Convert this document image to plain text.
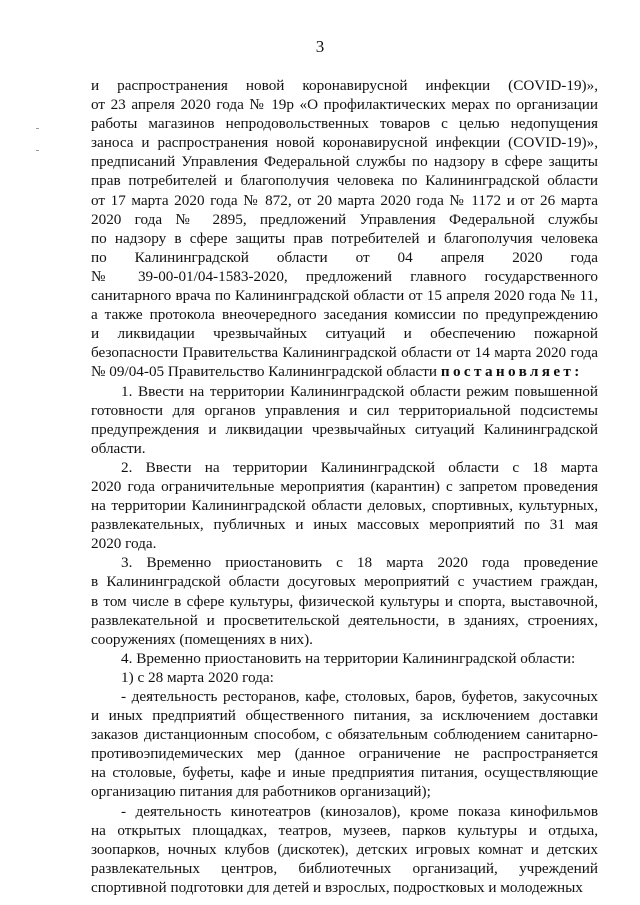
3
и распространения новой коронавирусной инфекции (COVID-19)»,
от 23 апреля 2020 года № 19р «О профилактических мерах по организации
работы магазинов непродовольственных товаров с целью недопущения
заноса и распространения новой коронавирусной инфекции (COVID-19)»,
предписаний Управления Федеральной службы по надзору в сфере защиты
прав потребителей и благополучия человека по Калининградской области
от 17 марта 2020 года № 872, от 20 марта 2020 года № 1172 и от 26 марта
2020 года № 2895, предложений Управления Федеральной службы
по надзору в сфере защиты прав потребителей и благополучия человека
по Калининградской области от 04 апреля 2020 года
№ 39-00-01/04-1583-2020, предложений главного государственного
санитарного врача по Калининградской области от 15 апреля 2020 года № 11,
а также протокола внеочередного заседания комиссии по предупреждению
и ликвидации чрезвычайных ситуаций и обеспечению пожарной
безопасности Правительства Калининградской области от 14 марта 2020 года
№ 09/04-05 Правительство Калининградской области постановляет:
1. Ввести на территории Калининградской области режим повышенной
готовности для органов управления и сил территориальной подсистемы
предупреждения и ликвидации чрезвычайных ситуаций Калининградской
области.
2. Ввести на территории Калининградской области с 18 марта
2020 года ограничительные мероприятия (карантин) с запретом проведения
на территории Калининградской области деловых, спортивных, культурных,
развлекательных, публичных и иных массовых мероприятий по 31 мая
2020 года.
3. Временно приостановить с 18 марта 2020 года проведение
в Калининградской области досуговых мероприятий с участием граждан,
в том числе в сфере культуры, физической культуры и спорта, выставочной,
развлекательной и просветительской деятельности, в зданиях, строениях,
сооружениях (помещениях в них).
4. Временно приостановить на территории Калининградской области:
1) с 28 марта 2020 года:
- деятельность ресторанов, кафе, столовых, баров, буфетов, закусочных
и иных предприятий общественного питания, за исключением доставки
заказов дистанционным способом, с обязательным соблюдением санитарно-
противоэпидемических мер (данное ограничение не распространяется
на столовые, буфеты, кафе и иные предприятия питания, осуществляющие
организацию питания для работников организаций);
- деятельность кинотеатров (кинозалов), кроме показа кинофильмов
на открытых площадках, театров, музеев, парков культуры и отдыха,
зоопарков, ночных клубов (дискотек), детских игровых комнат и детских
развлекательных центров, библиотечных организаций, учреждений
спортивной подготовки для детей и взрослых, подростковых и молодежных
